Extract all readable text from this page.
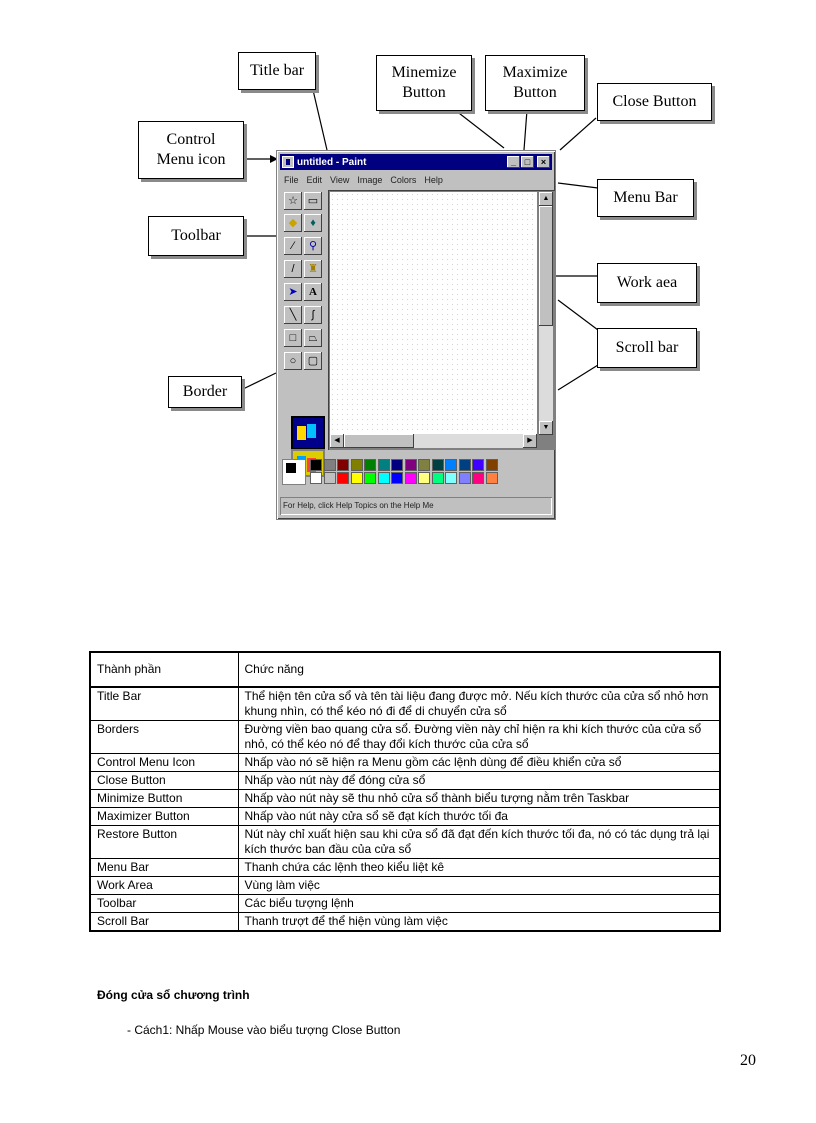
Title bar	Minemize
Button
Maximize
Button
Close Button
Control
Menu icon
Menu Bar
Toolbar
Work aea
Scroll bar
Border
untitled - Paint	_ □	×
File Edit View Image Colors Help
☆ ▭
◆	♦
⁄	⚲
/	♜
➤	A
╲	∫
□	⏢
○	▢
▲
▼
◀	▶
For Help, click Help Topics on the Help Me
Thành phần	Chức năng
Title Bar	Thể hiện tên cửa sổ và tên tài liệu đang được mở. Nếu kích thước của cửa sổ nhỏ hơn khung nhìn, có thể kéo nó đi để di chuyển cửa sổ
Borders	Đường viền bao quang cửa sổ. Đường viền này chỉ hiện ra khi kích thước của cửa sổ nhỏ, có thể kéo nó để thay đổi kích thước của cửa sổ
Control Menu Icon	Nhấp vào nó sẽ hiện ra Menu gồm các lệnh dùng để điều khiển cửa sổ
Close Button	Nhấp vào nút này để đóng cửa sổ
Minimize Button	Nhấp vào nút này sẽ thu nhỏ cửa sổ thành biểu tượng nằm trên Taskbar
Maximizer Button	Nhấp vào nút này cửa sổ sẽ đạt kích thước tối đa
Restore Button	Nút này chỉ xuất hiện sau khi cửa sổ đã đạt đến kích thước tối đa, nó có tác dụng trả lại kích thước ban đầu của cửa sổ
Menu Bar	Thanh chứa các lệnh theo kiểu liệt kê
Work Area	Vùng làm việc
Toolbar	Các biểu tượng lệnh
Scroll Bar	Thanh trượt để thể hiện vùng làm việc
Đóng cửa sổ chương trình
- Cách1: Nhấp Mouse vào biểu tượng Close Button
20
